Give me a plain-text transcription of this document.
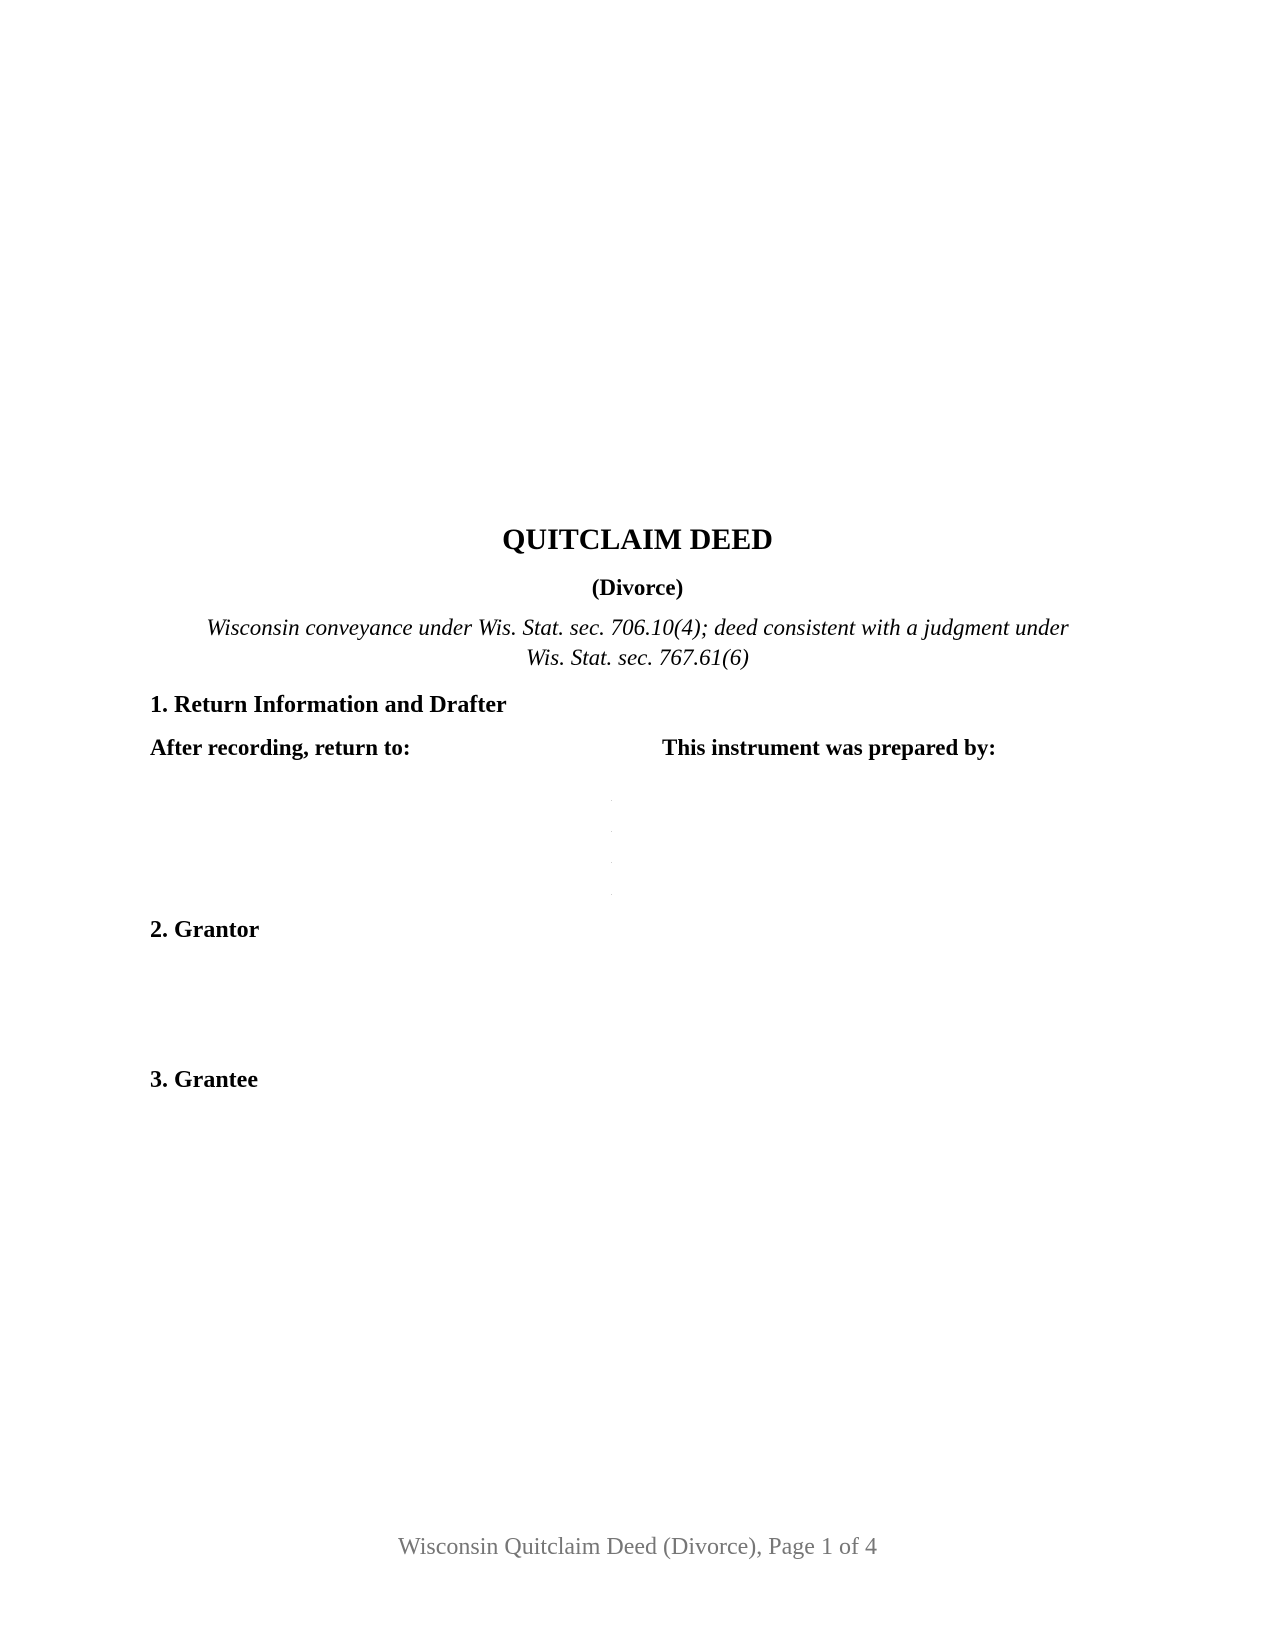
QUITCLAIM DEED
(Divorce)
Wisconsin conveyance under Wis. Stat. sec. 706.10(4); deed consistent with a judgment under
Wis. Stat. sec. 767.61(6)
1. Return Information and Drafter
After recording, return to:	This instrument was prepared by:
2. Grantor
3. Grantee
Wisconsin Quitclaim Deed (Divorce), Page 1 of 4
